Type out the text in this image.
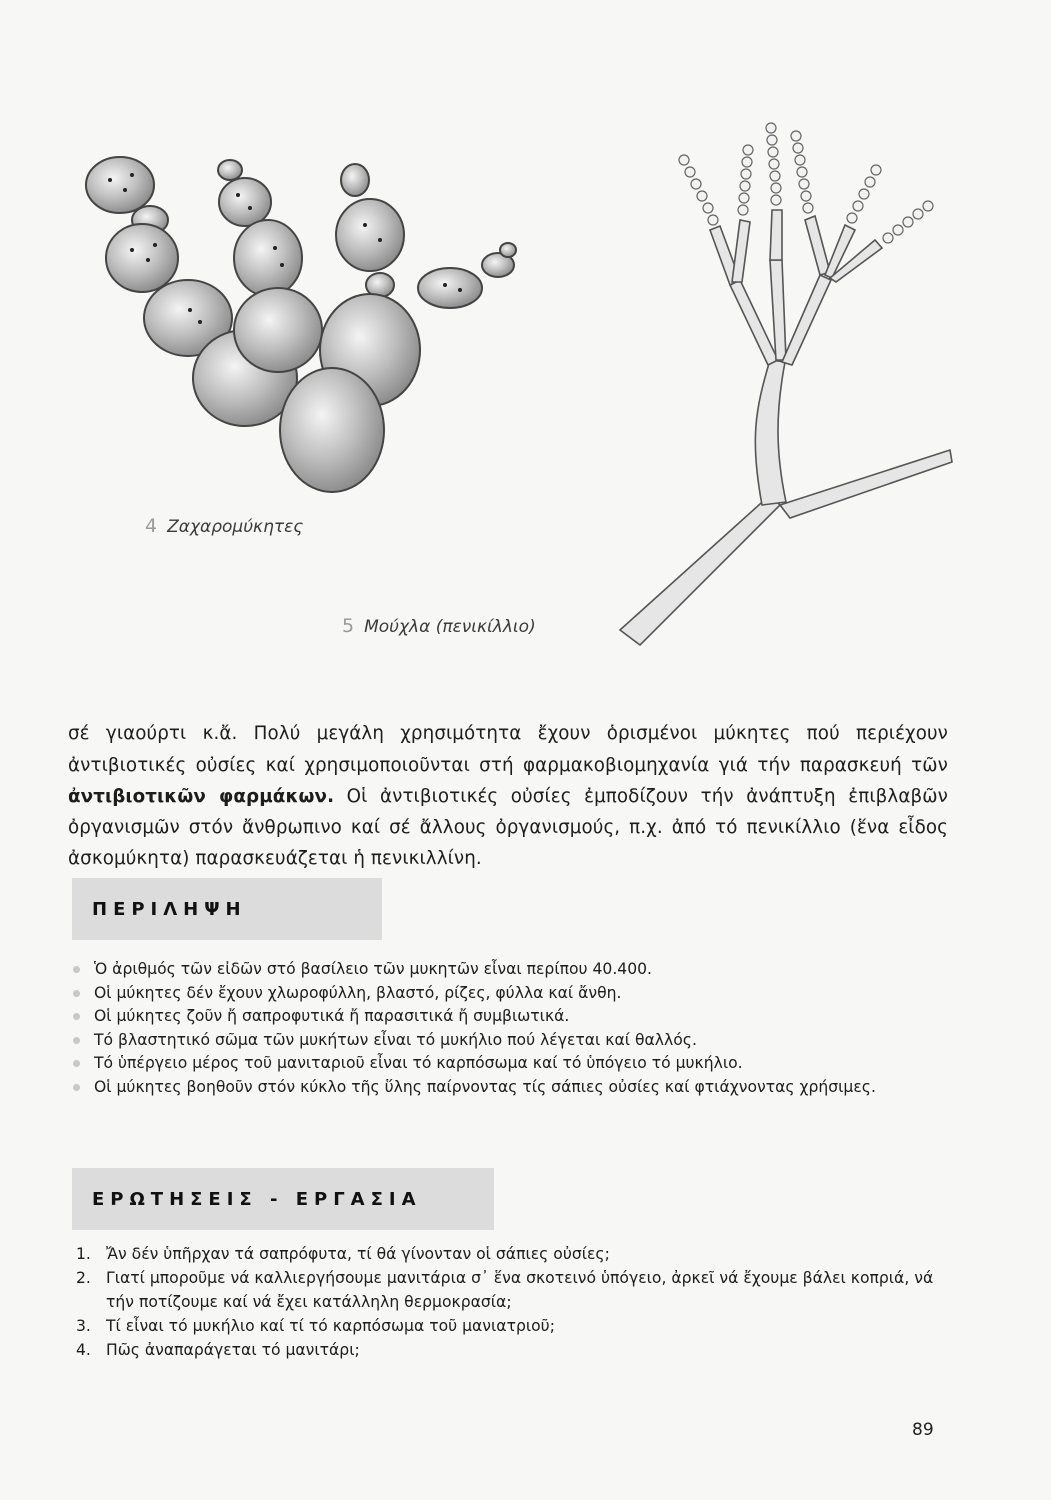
4 Ζαχαρομύκητες
5 Μούχλα (πενικίλλιο)

σέ γιαούρτι κ.ἄ. Πολύ μεγάλη χρησιμότητα ἔχουν ὁρισμένοι μύκητες πού περιέχουν ἀντιβιοτικές οὐσίες καί χρησιμοποιοῦνται στή φαρμακοβιομηχανία γιά τήν παρασκευή τῶν ἀντιβιοτικῶν φαρμάκων. Οἱ ἀντιβιοτικές οὐσίες ἐμποδίζουν τήν ἀνάπτυξη ἐπιβλαβῶν ὀργανισμῶν στόν ἄνθρωπινο καί σέ ἄλλους ὀργανισμούς, π.χ. ἀπό τό πενικίλλιο (ἕνα εἶδος ἀσκομύκητα) παρασκευάζεται ἡ πενικιλλίνη.

ΠΕΡΙΛΗΨΗ
Ὁ ἀριθμός τῶν εἰδῶν στό βασίλειο τῶν μυκητῶν εἶναι περίπου 40.400.
Οἱ μύκητες δέν ἔχουν χλωροφύλλη, βλαστό, ρίζες, φύλλα καί ἄνθη.
Οἱ μύκητες ζοῦν ἤ σαπροφυτικά ἤ παρασιτικά ἤ συμβιωτικά.
Τό βλαστητικό σῶμα τῶν μυκήτων εἶναι τό μυκήλιο πού λέγεται καί θαλλός.
Τό ὑπέργειο μέρος τοῦ μανιταριοῦ εἶναι τό καρπόσωμα καί τό ὑπόγειο τό μυκήλιο.
Οἱ μύκητες βοηθοῦν στόν κύκλο τῆς ὕλης παίρνοντας τίς σάπιες οὐσίες καί φτιάχνοντας χρήσιμες.
ΕΡΩΤΗΣΕΙΣ - ΕΡΓΑΣΙΑ
1. Ἄν δέν ὑπῆρχαν τά σαπρόφυτα, τί θά γίνονταν οἱ σάπιες οὐσίες;
2. Γιατί μποροῦμε νά καλλιεργήσουμε μανιτάρια σ᾿ ἕνα σκοτεινό ὑπόγειο, ἀρκεῖ νά ἔχουμε βάλει κοπριά, νά τήν ποτίζουμε καί νά ἔχει κατάλληλη θερμοκρασία;
3. Τί εἶναι τό μυκήλιο καί τί τό καρπόσωμα τοῦ μανιατριοῦ;
4. Πῶς ἀναπαράγεται τό μανιτάρι;
89
